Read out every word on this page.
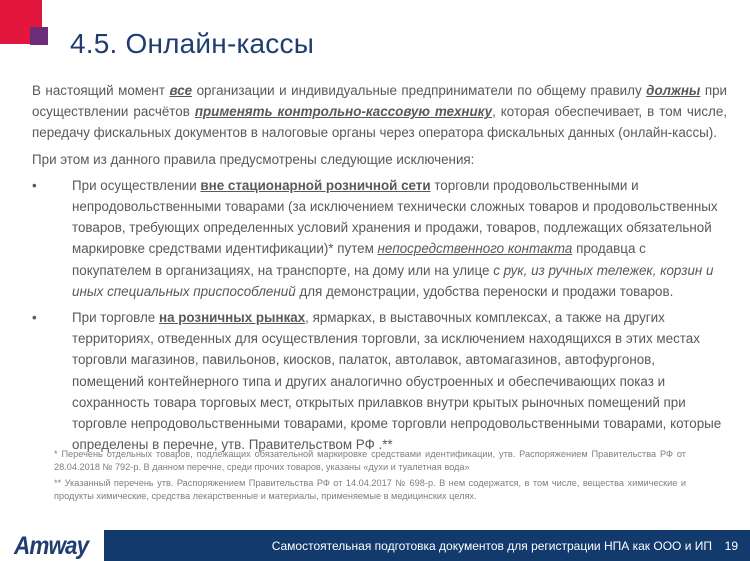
4.5. Онлайн-кассы

В настоящий момент все организации и индивидуальные предприниматели по общему правилу должны при осуществлении расчётов применять контрольно-кассовую технику, которая обеспечивает, в том числе, передачу фискальных документов в налоговые органы через оператора фискальных данных (онлайн-кассы).

При этом из данного правила предусмотрены следующие исключения:

•	При осуществлении вне стационарной розничной сети торговли продовольственными и непродовольственными товарами (за исключением технически сложных товаров и продовольственных товаров, требующих определенных условий хранения и продажи, товаров, подлежащих обязательной маркировке средствами идентификации)* путем непосредственного контакта продавца с покупателем в организациях, на транспорте, на дому или на улице с рук, из ручных тележек, корзин и иных специальных приспособлений для демонстрации, удобства переноски и продажи товаров.
•	При торговле на розничных рынках, ярмарках, в выставочных комплексах, а также на других территориях, отведенных для осуществления торговли, за исключением находящихся в этих местах торговли магазинов, павильонов, киосков, палаток, автолавок, автомагазинов, автофургонов, помещений контейнерного типа и других аналогично обустроенных и обеспечивающих показ и сохранность товара торговых мест, открытых прилавков внутри крытых рыночных помещений при торговле непродовольственными товарами, кроме торговли непродовольственными товарами, которые определены в перечне, утв. Правительством РФ .**

* Перечень отдельных товаров, подлежащих обязательной маркировке средствами идентификации, утв. Распоряжением Правительства РФ от 28.04.2018 № 792-р. В данном перечне, среди прочих товаров, указаны «духи и туалетная вода»

** Указанный перечень утв. Распоряжением Правительства РФ от 14.04.2017 № 698-р. В нем содержатся, в том числе, вещества химические и продукты химические, средства лекарственные и материалы, применяемые в медицинских целях.

Amway	Самостоятельная подготовка документов для регистрации НПА как ООО и ИП 19
